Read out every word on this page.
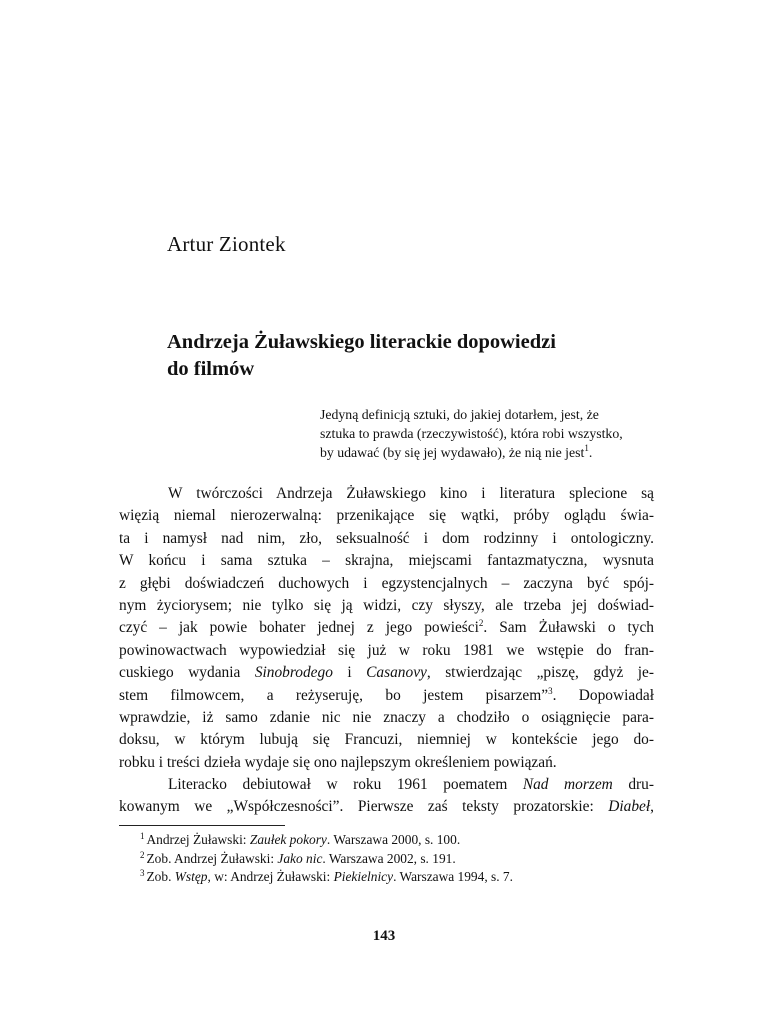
Artur Ziontek
Andrzeja Żuławskiego literackie dopowiedzi
do filmów
Jedyną definicją sztuki, do jakiej dotarłem, jest, że
sztuka to prawda (rzeczywistość), która robi wszystko,
by udawać (by się jej wydawało), że nią nie jest$^1$.
W twórczości Andrzeja Żuławskiego kino i literatura splecione są
więzią niemal nierozerwalną: przenikające się wątki, próby oglądu świa-
ta i namysł nad nim, zło, seksualność i dom rodzinny i ontologiczny.
W końcu i sama sztuka – skrajna, miejscami fantazmatyczna, wysnuta
z głębi doświadczeń duchowych i egzystencjalnych – zaczyna być spój-
nym życiorysem; nie tylko się ją widzi, czy słyszy, ale trzeba jej doświad-
czyć – jak powie bohater jednej z jego powieści$^2$. Sam Żuławski o tych
powinowactwach wypowiedział się już w roku 1981 we wstępie do fran-
cuskiego wydania Sinobrodego i Casanovy, stwierdzając „piszę, gdyż je-
stem filmowcem, a reżyseruję, bo jestem pisarzem”$^3$. Dopowiadał
wprawdzie, iż samo zdanie nic nie znaczy a chodziło o osiągnięcie para-
doksu, w którym lubują się Francuzi, niemniej w kontekście jego do-
robku i treści dzieła wydaje się ono najlepszym określeniem powiązań.
Literacko debiutował w roku 1961 poematem Nad morzem dru-
kowanym we „Współczesności”. Pierwsze zaś teksty prozatorskie: Diabeł,
$^1$ Andrzej Żuławski: Zaułek pokory. Warszawa 2000, s. 100.
$^2$ Zob. Andrzej Żuławski: Jako nic. Warszawa 2002, s. 191.
$^3$ Zob. Wstęp, w: Andrzej Żuławski: Piekielnicy. Warszawa 1994, s. 7.
143
